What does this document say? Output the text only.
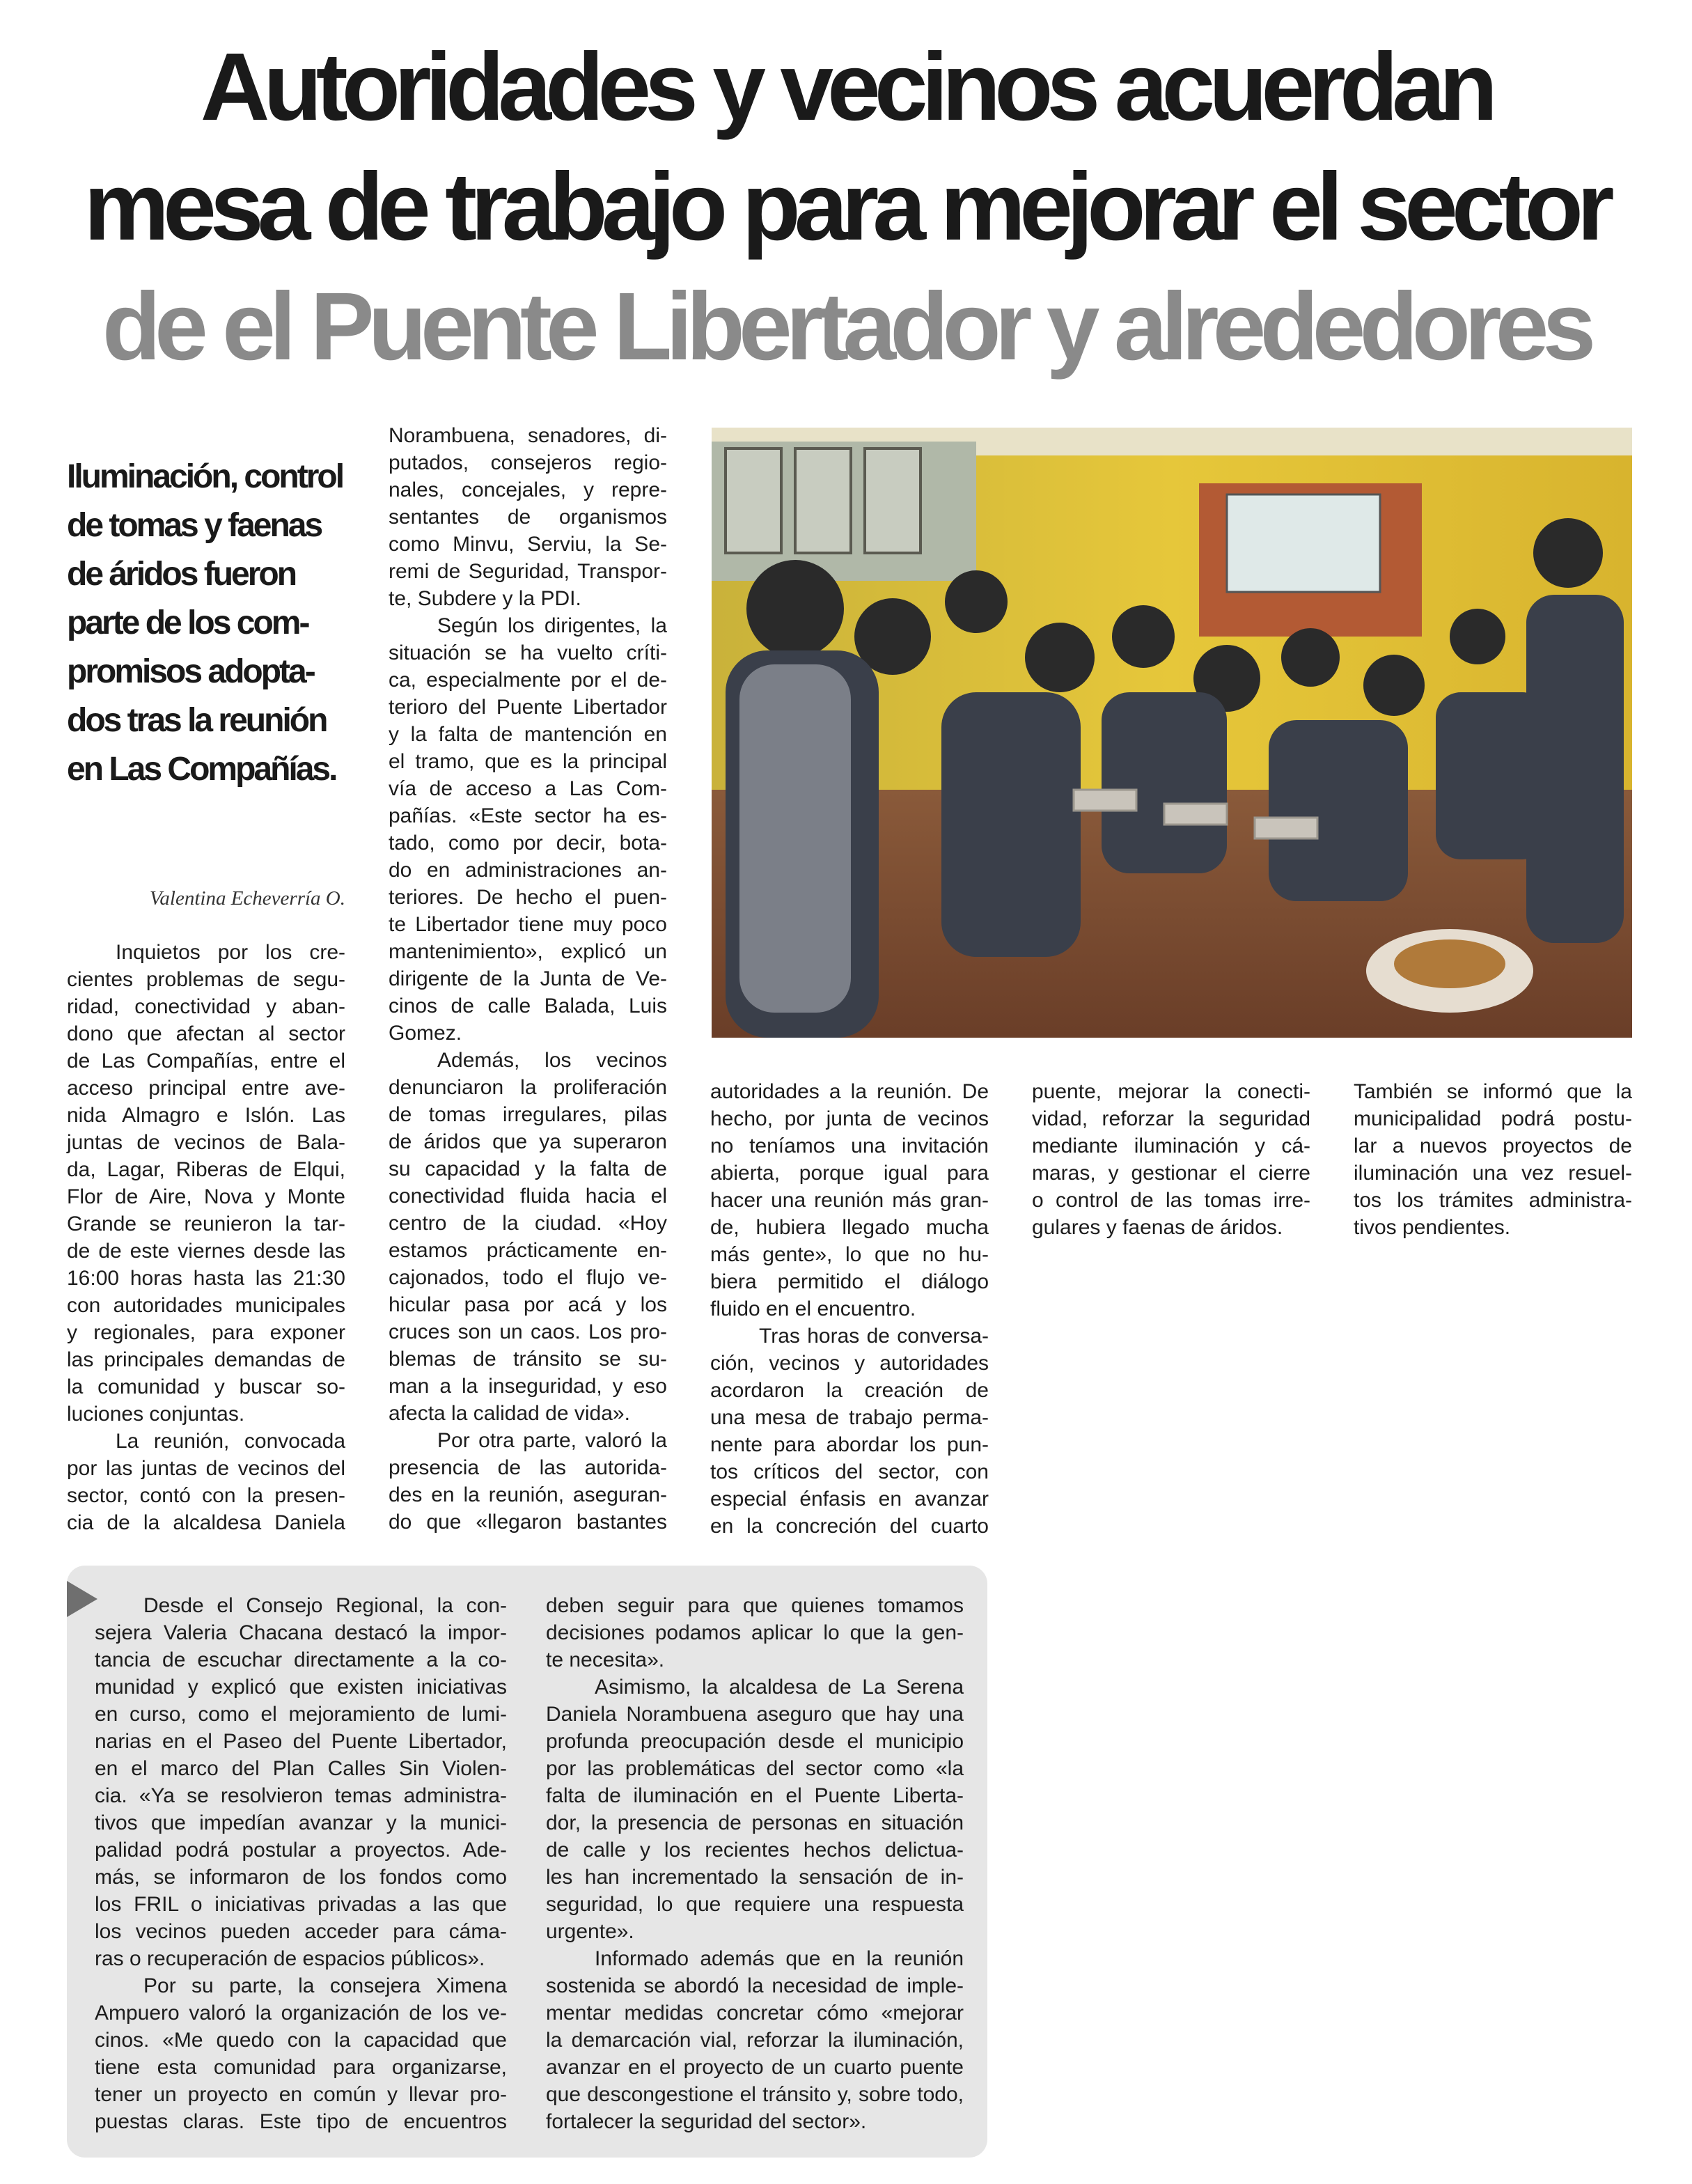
Autoridades y vecinos acuerdan
mesa de trabajo para mejorar el sector
de el Puente Libertador y alrededores
Iluminación, control
de tomas y faenas
de áridos fueron
parte de los com-
promisos adopta-
dos tras la reunión
en Las Compañías.
Valentina Echeverría O.
Inquietos por los cre-
cientes problemas de segu-
ridad, conectividad y aban-
dono que afectan al sector
de Las Compañías, entre el
acceso principal entre ave-
nida Almagro e Islón. Las
juntas de vecinos de Bala-
da, Lagar, Riberas de Elqui,
Flor de Aire, Nova y Monte
Grande se reunieron la tar-
de de este viernes desde las
16:00 horas hasta las 21:30
con autoridades municipales
y regionales, para exponer
las principales demandas de
la comunidad y buscar so-
luciones conjuntas.
La reunión, convocada
por las juntas de vecinos del
sector, contó con la presen-
cia de la alcaldesa Daniela
Norambuena, senadores, di-
putados, consejeros regio-
nales, concejales, y repre-
sentantes de organismos
como Minvu, Serviu, la Se-
remi de Seguridad, Transpor-
te, Subdere y la PDI.
Según los dirigentes, la
situación se ha vuelto críti-
ca, especialmente por el de-
terioro del Puente Libertador
y la falta de mantención en
el tramo, que es la principal
vía de acceso a Las Com-
pañías. «Este sector ha es-
tado, como por decir, bota-
do en administraciones an-
teriores. De hecho el puen-
te Libertador tiene muy poco
mantenimiento», explicó un
dirigente de la Junta de Ve-
cinos de calle Balada, Luis
Gomez.
Además, los vecinos
denunciaron la proliferación
de tomas irregulares, pilas
de áridos que ya superaron
su capacidad y la falta de
conectividad fluida hacia el
centro de la ciudad. «Hoy
estamos prácticamente en-
cajonados, todo el flujo ve-
hicular pasa por acá y los
cruces son un caos. Los pro-
blemas de tránsito se su-
man a la inseguridad, y eso
afecta la calidad de vida».
Por otra parte, valoró la
presencia de las autorida-
des en la reunión, aseguran-
do que «llegaron bastantes
autoridades a la reunión. De
hecho, por junta de vecinos
no teníamos una invitación
abierta, porque igual para
hacer una reunión más gran-
de, hubiera llegado mucha
más gente», lo que no hu-
biera permitido el diálogo
fluido en el encuentro.
Tras horas de conversa-
ción, vecinos y autoridades
acordaron la creación de
una mesa de trabajo perma-
nente para abordar los pun-
tos críticos del sector, con
especial énfasis en avanzar
en la concreción del cuarto
puente, mejorar la conecti-
vidad, reforzar la seguridad
mediante iluminación y cá-
maras, y gestionar el cierre
o control de las tomas irre-
gulares y faenas de áridos.
También se informó que la
municipalidad podrá postu-
lar a nuevos proyectos de
iluminación una vez resuel-
tos los trámites administra-
tivos pendientes.
Desde el Consejo Regional, la con-
sejera Valeria Chacana destacó la impor-
tancia de escuchar directamente a la co-
munidad y explicó que existen iniciativas
en curso, como el mejoramiento de lumi-
narias en el Paseo del Puente Libertador,
en el marco del Plan Calles Sin Violen-
cia. «Ya se resolvieron temas administra-
tivos que impedían avanzar y la munici-
palidad podrá postular a proyectos. Ade-
más, se informaron de los fondos como
los FRIL o iniciativas privadas a las que
los vecinos pueden acceder para cáma-
ras o recuperación de espacios públicos».
Por su parte, la consejera Ximena
Ampuero valoró la organización de los ve-
cinos. «Me quedo con la capacidad que
tiene esta comunidad para organizarse,
tener un proyecto en común y llevar pro-
puestas claras. Este tipo de encuentros
deben seguir para que quienes tomamos
decisiones podamos aplicar lo que la gen-
te necesita».
Asimismo, la alcaldesa de La Serena
Daniela Norambuena aseguro que hay una
profunda preocupación desde el municipio
por las problemáticas del sector como «la
falta de iluminación en el Puente Liberta-
dor, la presencia de personas en situación
de calle y los recientes hechos delictua-
les han incrementado la sensación de in-
seguridad, lo que requiere una respuesta
urgente».
Informado además que en la reunión
sostenida se abordó la necesidad de imple-
mentar medidas concretar cómo «mejorar
la demarcación vial, reforzar la iluminación,
avanzar en el proyecto de un cuarto puente
que descongestione el tránsito y, sobre todo,
fortalecer la seguridad del sector».
